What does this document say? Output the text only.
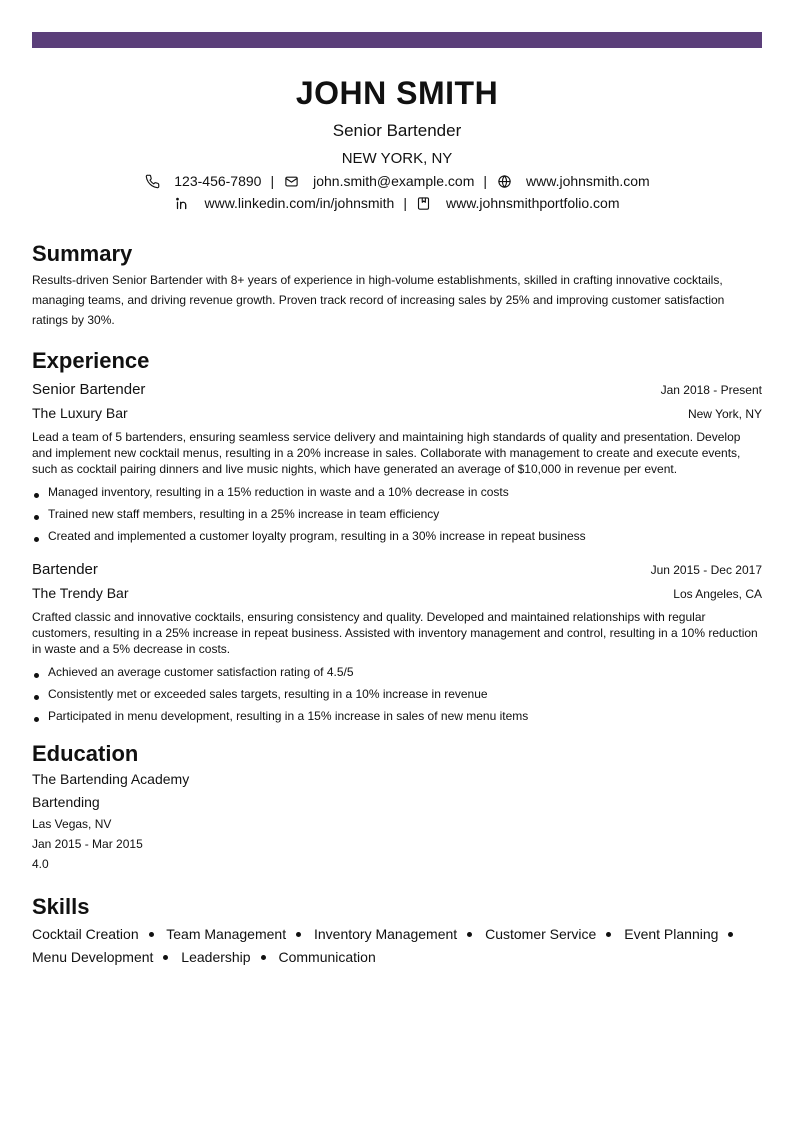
JOHN SMITH
Senior Bartender
NEW YORK, NY
123-456-7890 |	john.smith@example.com |	www.johnsmith.com
www.linkedin.com/in/johnsmith |	www.johnsmithportfolio.com
Summary
Results-driven Senior Bartender with 8+ years of experience in high-volume establishments, skilled in crafting innovative cocktails, managing teams, and driving revenue growth. Proven track record of increasing sales by 25% and improving customer satisfaction ratings by 30%.
Experience
Senior Bartender	Jan 2018 - Present
The Luxury Bar	New York, NY
Lead a team of 5 bartenders, ensuring seamless service delivery and maintaining high standards of quality and presentation. Develop and implement new cocktail menus, resulting in a 20% increase in sales. Collaborate with management to create and execute events, such as cocktail pairing dinners and live music nights, which have generated an average of $10,000 in revenue per event.
Managed inventory, resulting in a 15% reduction in waste and a 10% decrease in costs
Trained new staff members, resulting in a 25% increase in team efficiency
Created and implemented a customer loyalty program, resulting in a 30% increase in repeat business
Bartender	Jun 2015 - Dec 2017
The Trendy Bar	Los Angeles, CA
Crafted classic and innovative cocktails, ensuring consistency and quality. Developed and maintained relationships with regular customers, resulting in a 25% increase in repeat business. Assisted with inventory management and control, resulting in a 10% reduction in waste and a 5% decrease in costs.
Achieved an average customer satisfaction rating of 4.5/5
Consistently met or exceeded sales targets, resulting in a 10% increase in revenue
Participated in menu development, resulting in a 15% increase in sales of new menu items
Education
The Bartending Academy
Bartending
Las Vegas, NV
Jan 2015 - Mar 2015
4.0
Skills
Cocktail Creation Team Management Inventory Management Customer Service Event Planning
Menu Development Leadership Communication
